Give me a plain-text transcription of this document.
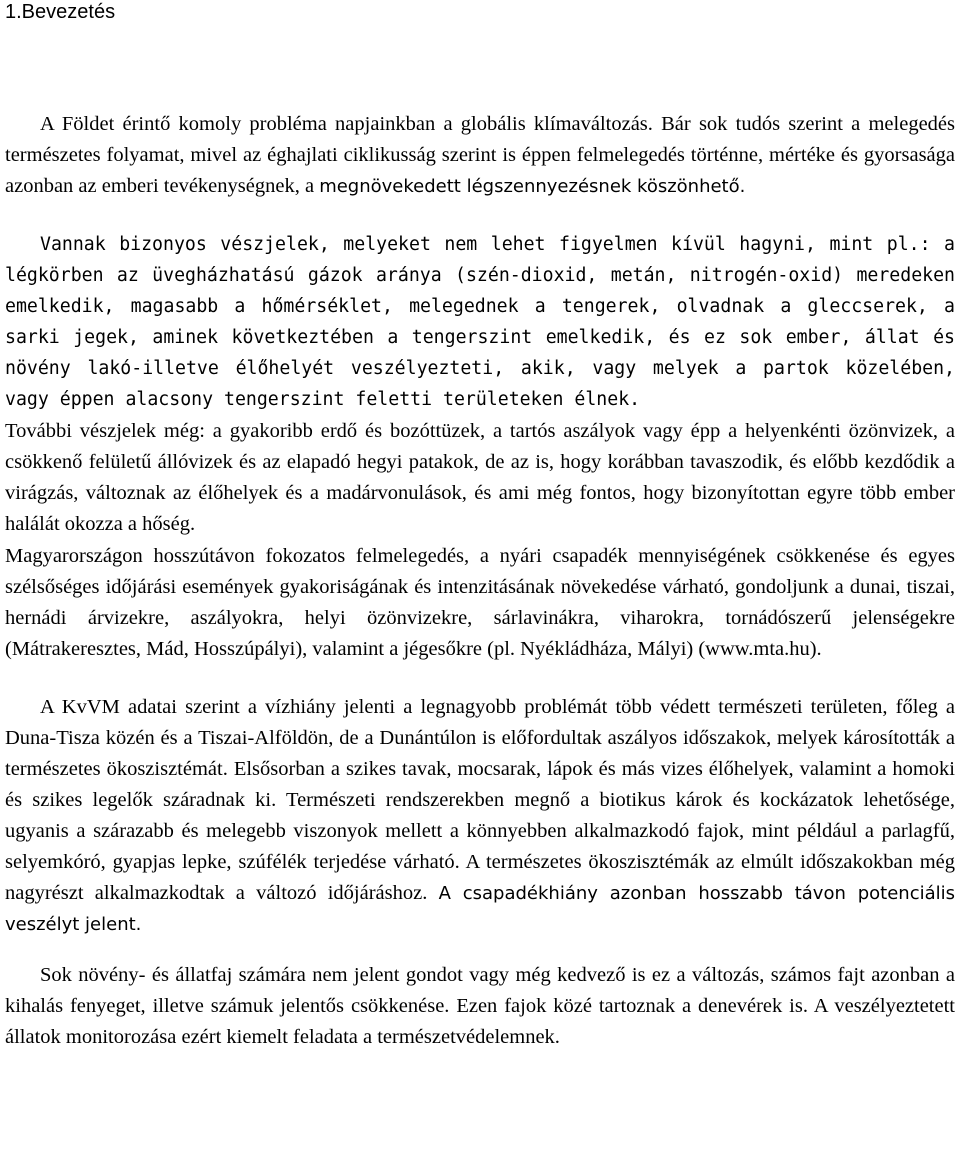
1.Bevezetés

A Földet érintő komoly probléma napjainkban a globális klímaváltozás. Bár sok tudós szerint a melegedés természetes folyamat, mivel az éghajlati ciklikusság szerint is éppen felmelegedés történne, mértéke és gyorsasága azonban az emberi tevékenységnek, a megnövekedett légszennyezésnek köszönhető.

Vannak bizonyos vészjelek, melyeket nem lehet figyelmen kívül hagyni, mint pl.: a légkörben az üvegházhatású gázok aránya (szén-dioxid, metán, nitrogén-oxid) meredeken emelkedik, magasabb a hőmérséklet, melegednek a tengerek, olvadnak a gleccserek, a sarki jegek, aminek következtében a tengerszint emelkedik, és ez sok ember, állat és növény lakó-illetve élőhelyét veszélyezteti, akik, vagy melyek a partok közelében, vagy éppen alacsony tengerszint feletti területeken élnek.

További vészjelek még: a gyakoribb erdő és bozóttüzek, a tartós aszályok vagy épp a helyenkénti özönvizek, a csökkenő felületű állóvizek és az elapadó hegyi patakok, de az is, hogy korábban tavaszodik, és előbb kezdődik a virágzás, változnak az élőhelyek és a madárvonulások, és ami még fontos, hogy bizonyítottan egyre több ember halálát okozza a hőség.

Magyarországon hosszútávon fokozatos felmelegedés, a nyári csapadék mennyiségének csökkenése és egyes szélsőséges időjárási események gyakoriságának és intenzitásának növekedése várható, gondoljunk a dunai, tiszai, hernádi árvizekre, aszályokra, helyi özönvizekre, sárlavinákra, viharokra, tornádószerű jelenségekre (Mátrakeresztes, Mád, Hosszúpályi), valamint a jégesőkre (pl. Nyékládháza, Mályi) (www.mta.hu).

A KvVM adatai szerint a vízhiány jelenti a legnagyobb problémát több védett természeti területen, főleg a Duna-Tisza közén és a Tiszai-Alföldön, de a Dunántúlon is előfordultak aszályos időszakok, melyek károsították a természetes ökoszisztémát. Elsősorban a szikes tavak, mocsarak, lápok és más vizes élőhelyek, valamint a homoki és szikes legelők száradnak ki. Természeti rendszerekben megnő a biotikus károk és kockázatok lehetősége, ugyanis a szárazabb és melegebb viszonyok mellett a könnyebben alkalmazkodó fajok, mint például a parlagfű, selyemkóró, gyapjas lepke, szúfélék terjedése várható. A természetes ökoszisztémák az elmúlt időszakokban még nagyrészt alkalmazkodtak a változó időjáráshoz. A csapadékhiány azonban hosszabb távon potenciális veszélyt jelent.

Sok növény- és állatfaj számára nem jelent gondot vagy még kedvező is ez a változás, számos fajt azonban a kihalás fenyeget, illetve számuk jelentős csökkenése. Ezen fajok közé tartoznak a denevérek is. A veszélyeztetett állatok monitorozása ezért kiemelt feladata a természetvédelemnek.
